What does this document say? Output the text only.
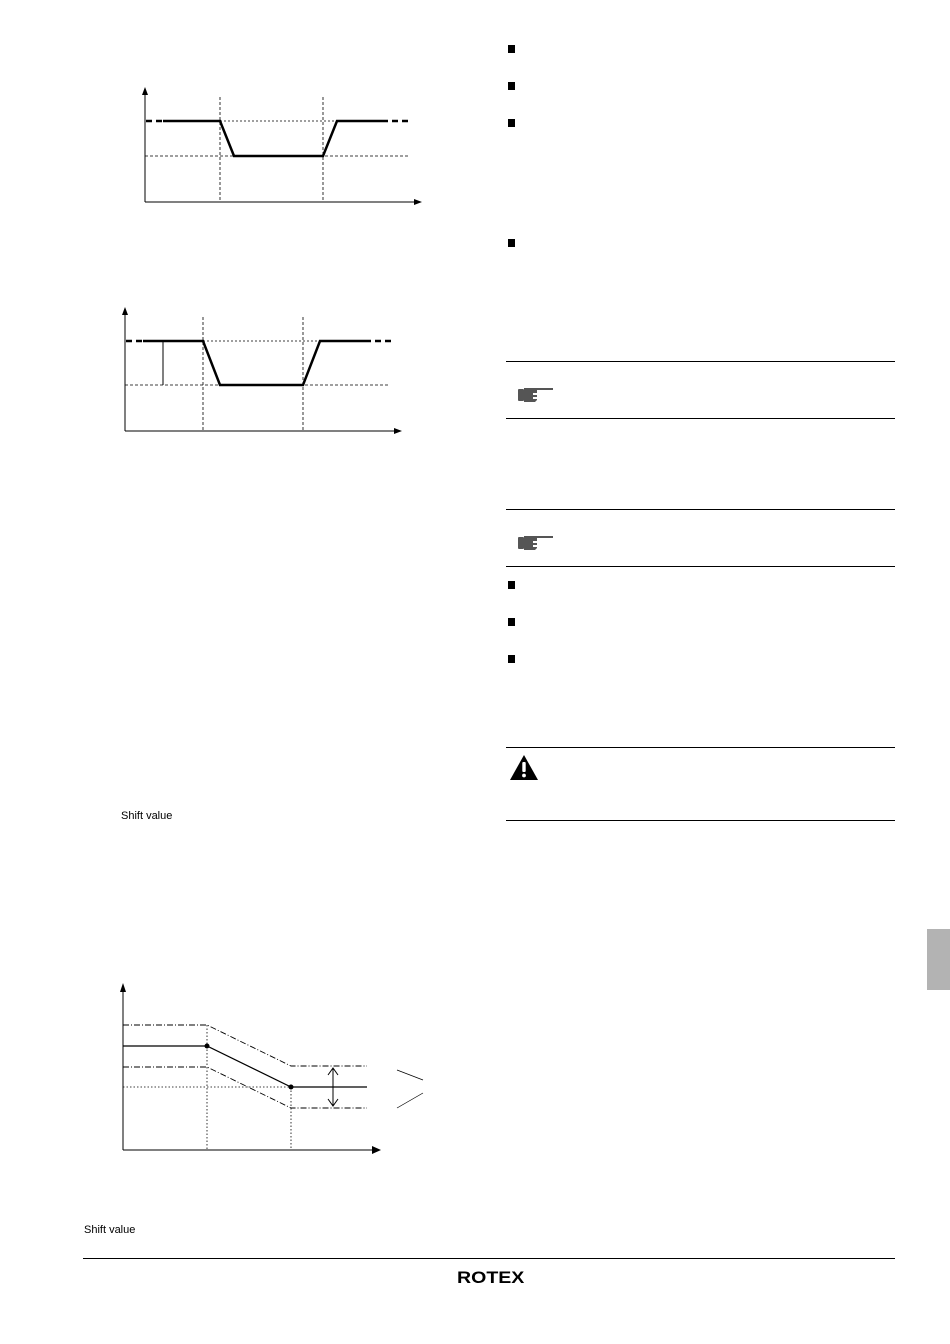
Shift value
Shift value
ROTEX
